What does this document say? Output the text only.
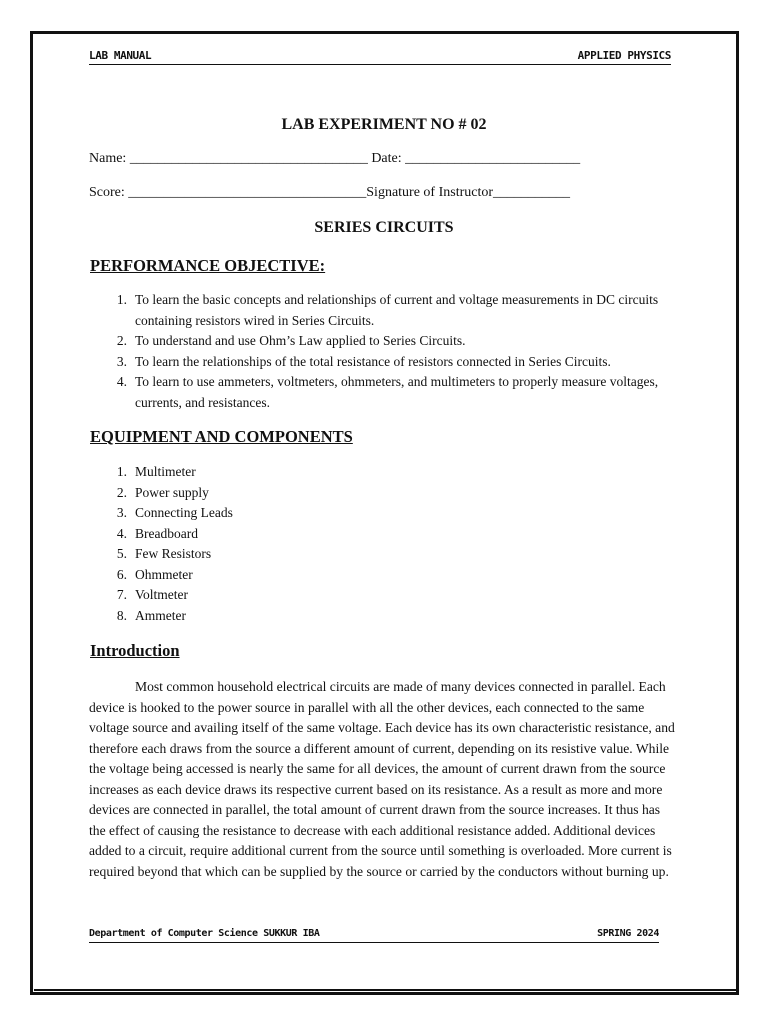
LAB MANUAL	APPLIED PHYSICS
LAB EXPERIMENT NO # 02
Name: __________________________________ Date: _________________________
Score: __________________________________Signature of Instructor___________
SERIES CIRCUITS
PERFORMANCE OBJECTIVE:
1. To learn the basic concepts and relationships of current and voltage measurements in DC circuits containing resistors wired in Series Circuits.
2. To understand and use Ohm’s Law applied to Series Circuits.
3. To learn the relationships of the total resistance of resistors connected in Series Circuits.
4. To learn to use ammeters, voltmeters, ohmmeters, and multimeters to properly measure voltages, currents, and resistances.
EQUIPMENT AND COMPONENTS
1. Multimeter
2. Power supply
3. Connecting Leads
4. Breadboard
5. Few Resistors
6. Ohmmeter
7. Voltmeter
8. Ammeter
Introduction
Most common household electrical circuits are made of many devices connected in parallel. Each device is hooked to the power source in parallel with all the other devices, each connected to the same voltage source and availing itself of the same voltage. Each device has its own characteristic resistance, and therefore each draws from the source a different amount of current, depending on its resistive value. While the voltage being accessed is nearly the same for all devices, the amount of current drawn from the source increases as each device draws its respective current based on its resistance. As a result as more and more devices are connected in parallel, the total amount of current drawn from the source increases. It thus has the effect of causing the resistance to decrease with each additional resistance added. Additional devices added to a circuit, require additional current from the source until something is overloaded. More current is required beyond that which can be supplied by the source or carried by the conductors without burning up.
Department of Computer Science SUKKUR IBA	SPRING 2024
